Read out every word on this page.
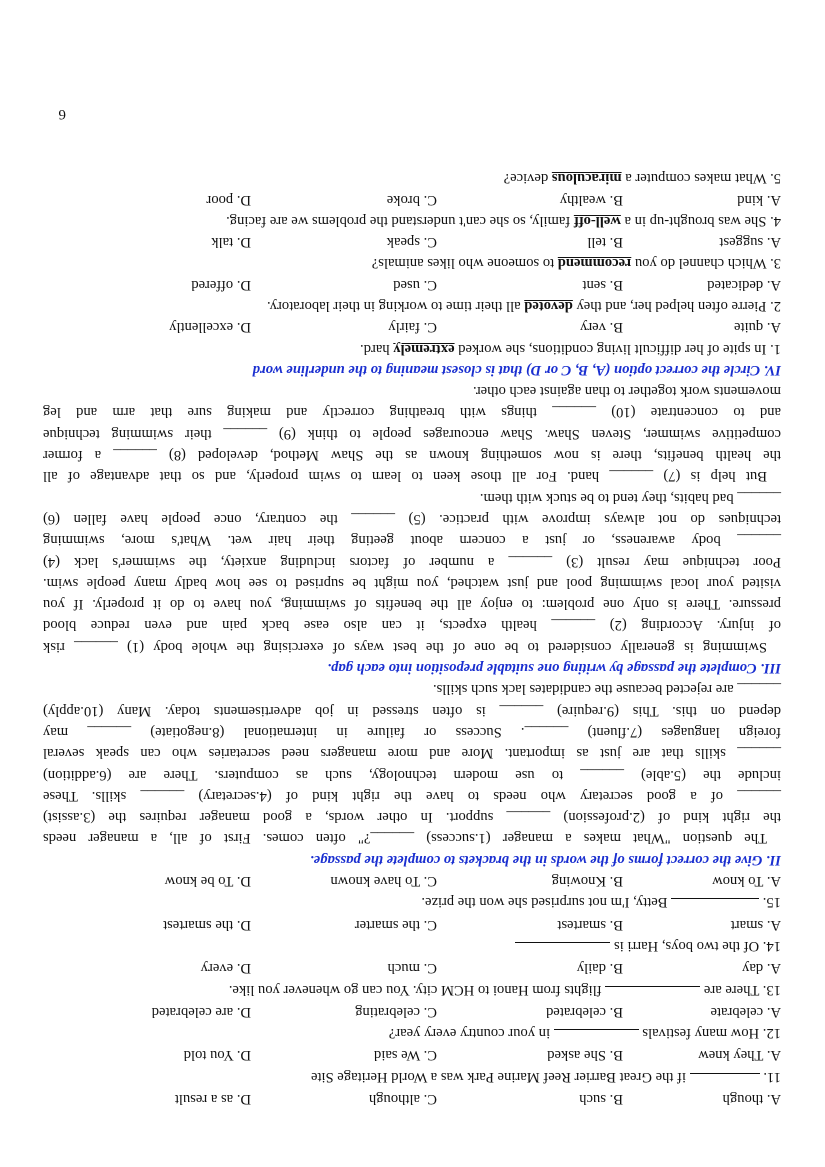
A. though
B. such
C. although
D. as a result
11.  if the Great Barrier Reef Marine Park was a World Heritage Site
A. They knew
B. She asked
C. We said
D. You told
12. How many festivals  in your country every year?
A. celebrate
B. celebrated
C. celebrating
D. are celebrated
13. There are  flights from Hanoi to HCM city. You can go whenever you like.
A. day
B. daily
C. much
D. every
14. Of the two boys, Harri is
A. smart
B. smartest
C. the smarter
D. the smartest
15.  Betty, I'm not surprised she won the prize.
A. To know
B. Knowing
C. To have known
D. To be know
II. Give the correct forms of the words in the brackets to complete the passage.
The question "What makes a manager (1.success) ______?" often comes. First of all, a manager needs
the right kind of (2.profession) ______ support. In other words, a good manager requires the (3.assist)
______ of a good secretary who needs to have the right kind of (4.secretary) ______ skills. These
include the (5.able) ______ to use modern technology, such as computers. There are (6.addition)
______ skills that are just as important. More and more managers need secretaries who can speak several
foreign languages (7.fluent) ______. Success or failure in international (8.negotiate) ______ may
depend on this. This (9.require) ______ is often stressed in job advertisements today. Many (10.apply)
______ are rejected because the candidates lack such skills.
III. Complete the passage by writing one suitable preposition into each gap.
Swimming is generally considered to be one of the best ways of exercising the whole body (1) ______ risk
of injury. According (2) ______ health expects, it can also ease back pain and even reduce blood
pressure. There is only one problem: to enjoy all the benefits of swimming, you have to do it properly. If you
visited your local swimming pool and just watched, you might be suprised to see how badly many people swim.
Poor technique may result (3) ______ a number of factors including anxiety, the swimmer's lack (4)
______ body awareness, or just a concern about geeting their hair wet. What's more, swimming
techniques do not always improve with practice. (5) ______ the contrary, once people have fallen (6)
______ bad habits, they tend to be stuck with them.
But help is (7) ______ hand. For all those keen to learn to swim properly, and so that advantage of all
the health benefits, there is now something known as the Shaw Method, developed (8) ______ a former
competitive swimmer, Steven Shaw. Shaw encourages people to think (9) ______ their swimming technique
and to concentrate (10) ______ things with breathing correctly and making sure that arm and leg
movements work together to than against each other.
IV. Circle the correct option (A, B, C or D) that is closest meaning to the underline word
1. In spite of her difficult living conditions, she worked extremely hard.
A. quite
B. very
C. fairly
D. excellently
2. Pierre often helped her, and they devoted all their time to working in their laboratory.
A. dedicated
B. sent
C. used
D. offered
3. Which channel do you recommend to someone who likes animals?
A. suggest
B. tell
C. speak
D. talk
4. She was brought-up in a well-off family, so she can't understand the problems we are facing.
A. kind
B. wealthy
C. broke
D. poor
5. What makes computer a miraculous device?
6
